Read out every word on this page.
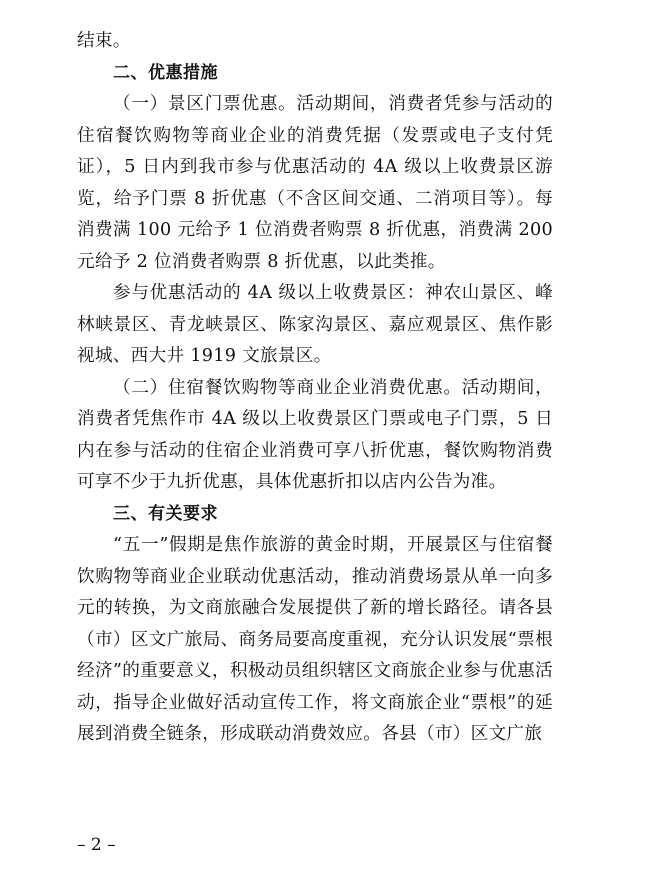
结束。

二、优惠措施

（一）景区门票优惠。活动期间，消费者凭参与活动的住宿餐饮购物等商业企业的消费凭据（发票或电子支付凭证），5 日内到我市参与优惠活动的 4A 级以上收费景区游览，给予门票 8 折优惠（不含区间交通、二消项目等）。每消费满 100 元给予 1 位消费者购票 8 折优惠，消费满 200 元给予 2 位消费者购票 8 折优惠，以此类推。

参与优惠活动的 4A 级以上收费景区：神农山景区、峰林峡景区、青龙峡景区、陈家沟景区、嘉应观景区、焦作影视城、西大井 1919 文旅景区。

（二）住宿餐饮购物等商业企业消费优惠。活动期间，消费者凭焦作市 4A 级以上收费景区门票或电子门票，5 日内在参与活动的住宿企业消费可享八折优惠，餐饮购物消费可享不少于九折优惠，具体优惠折扣以店内公告为准。

三、有关要求

“五一”假期是焦作旅游的黄金时期，开展景区与住宿餐饮购物等商业企业联动优惠活动，推动消费场景从单一向多元的转换，为文商旅融合发展提供了新的增长路径。请各县（市）区文广旅局、商务局要高度重视，充分认识发展“票根经济”的重要意义，积极动员组织辖区文商旅企业参与优惠活动，指导企业做好活动宣传工作，将文商旅企业“票根”的延展到消费全链条，形成联动消费效应。各县（市）区文广旅

– 2 –
